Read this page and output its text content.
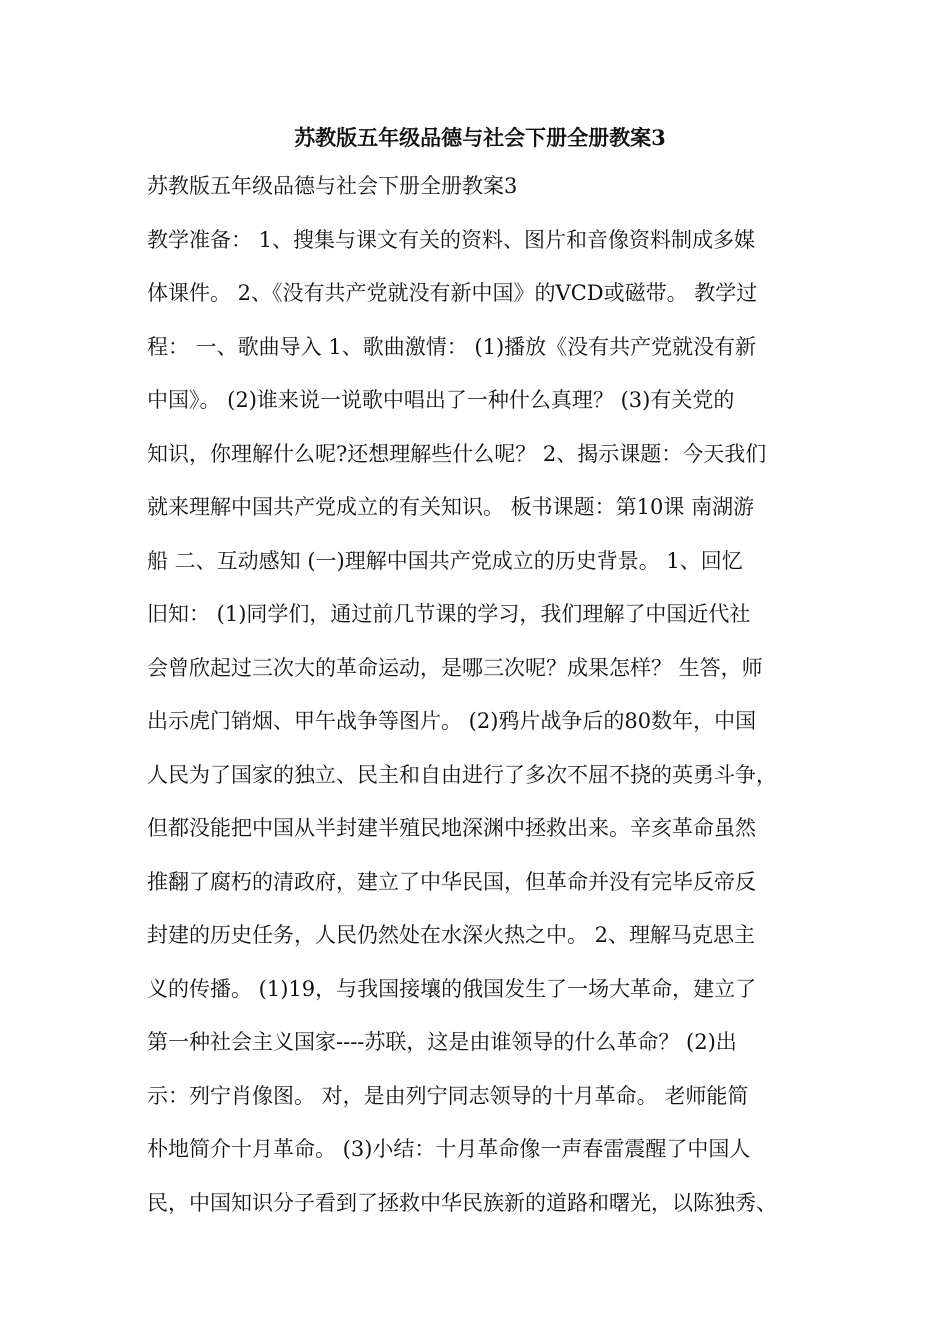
苏教版五年级品德与社会下册全册教案3
苏教版五年级品德与社会下册全册教案3
教学准备： 1、搜集与课文有关的资料、图片和音像资料制成多媒
体课件。 2、《没有共产党就没有新中国》的VCD或磁带。 教学过
程： 一、歌曲导入 1、歌曲激情： (1)播放《没有共产党就没有新
中国》。 (2)谁来说一说歌中唱出了一种什么真理？ (3)有关党的
知识，你理解什么呢?还想理解些什么呢？ 2、揭示课题：今天我们
就来理解中国共产党成立的有关知识。 板书课题：第10课 南湖游
船 二、互动感知 (一)理解中国共产党成立的历史背景。 1、回忆
旧知： (1)同学们，通过前几节课的学习，我们理解了中国近代社
会曾欣起过三次大的革命运动，是哪三次呢？成果怎样？ 生答，师
出示虎门销烟、甲午战争等图片。 (2)鸦片战争后的80数年，中国
人民为了国家的独立、民主和自由进行了多次不屈不挠的英勇斗争，
但都没能把中国从半封建半殖民地深渊中拯救出来。辛亥革命虽然
推翻了腐朽的清政府，建立了中华民国，但革命并没有完毕反帝反
封建的历史任务，人民仍然处在水深火热之中。 2、理解马克思主
义的传播。 (1)19，与我国接壤的俄国发生了一场大革命，建立了
第一种社会主义国家----苏联，这是由谁领导的什么革命？ (2)出
示：列宁肖像图。 对，是由列宁同志领导的十月革命。 老师能简
朴地简介十月革命。 (3)小结：十月革命像一声春雷震醒了中国人
民，中国知识分子看到了拯救中华民族新的道路和曙光，以陈独秀、
